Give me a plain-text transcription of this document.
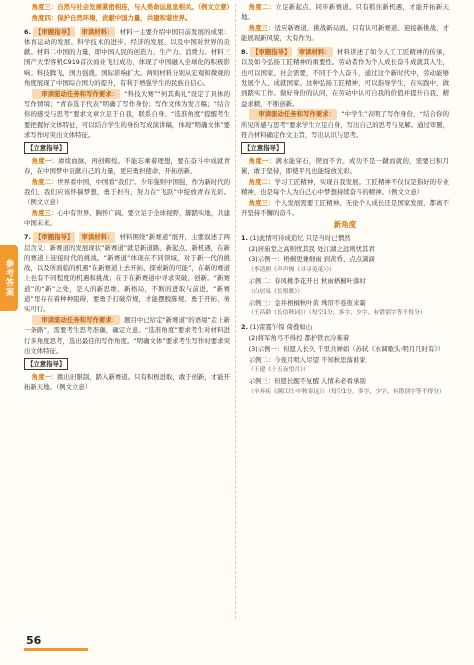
参考答案

角度三：自然与社会发展紧密相连，与人类命运息息相关。（例文立意）

角度四：保护自然环境，贡献中国力量，共建和谐世界。

6. 【审题指导】 审读材料： 材料一主要介绍中国目前发展的成果：体育运动的发展、科学技术的进步、经济的发展、以及中国对世界的贡献。材料二中国的力量，即中国人民的创造力、生产力、消费力。材料三国产大型客机C919首次商业飞行成功，体现了中国融入全球化的积极影响；科技腾飞，国力强盛，国际影响扩大。两则材料分别从宏观和微观的角度展现了中国综合国力的提升，有利于增强学生的民族自信心。

审读驱动任务和写作要求： “科技大赛”“何其典礼”设定了具体的写作情境；“青春选手代表”明确了写作身份；写作文体为发言稿；“结合你的感受与思考”要求文章立足于自我，联系自身。“选准角度”提醒考生要把握好文体特征，可以结合学生的身份写成演讲稿，体现“明确文体”要求写作时突出文体特征。

【立意指导】

角度一：赓续血脉，再创辉煌。不能忘乘着理想，要在奋斗中成就青春，在中国梦中贡献自己的力量，更应勇担使命，开拓创新。

角度二：世界看中国，中国看“我们”。少年强则中国强，作为新时代的我们，我们应该怀揣梦想，勇于担当，努力在“飞跃”中绽放青春光彩。（例文立意）

角度三：心中有世界，胸怀广阔。要立足于全球视野，脚踏实地，共建中国未来。

7. 【审题指导】 审读材料： 材料围绕“新赛道”展开，主要叙述了两层含义：新赛道的发展现状“新赛道”就是新道路、新起点、新机遇，在新的赛道上迎接时代的挑战。“新赛道”体现在不同领域，对于新一代的挑战，以及所面临的机遇“在新赛道上去开拓、探索新的可能”，在新的赛道上也有不同程度的机遇和挑战；在于在新赛道中寻求突破、创新。“新赛道”的“新”之处，是人的新思维、新格局，不断的进取与前进，“新赛道”里存在着种种阻碍，要勇于打破常规，才能摆脱陈规、勇于开拓、务实可行。

审读驱动任务和写作要求： 题目中已给定“新赛道”的语境“走上新一条路”，需要考生思考准确，确定立意。“选准角度”要求考生对材料进行多角度思考，选出最佳的写作角度。“明确文体”要求考生写作时要求突出文体特征。

【立意指导】

角度一：跳出旧限制，踏入新赛道。只有积极进取，敢于创新，才能开拓新天地。（例文立意）

角度二：立足新起点，同步新赛道。只有抓住新机遇，才能开拓新天地。

角度三：适应新赛道，挑战新局面。只有认可新赛道、迎接新挑战，才能展现新风貌，大有作为。

8. 【审题指导】 审读材料： 材料讲述了如今人工工匠精神的传承，以及如今弘扬工匠精神的重要性。劳动者作为个人成长奋斗成就其人生，也可以国家、社会需要，不同于个人奋斗，通过这个新时代中，劳动能够发展个人、成就国家。这种弘扬工匠精神，可以指导学生，在实践中，做到踏实工作。做好身份的认同，在劳动中认可自我的价值并提升自我，精益求精，不断创新。

审读驱动任务和写作要求： “中学生”表明了写作身份，“结合你的所见所感与思考”要求学生立足自身，写出自己的思考与见解。通过审题，符合材料确定作文主旨，写出认识与思考。

【立意指导】

角度一：满水能穿石，锲而不舍。成功不是一蹴而就的，需要日积月累，敢于坚持，即使平凡也能绽放光彩。

角度二：学习工匠精神，实现自我发展。工匠精神不仅仅是指好的专业精神，也是每个人为自己心中梦想持续奋斗的精神。（例文立意）

角度三：个人发展需要工匠精神。无论个人成长还是国家发展，都离不开坚持不懈的奋斗。

新角度

1. (1)此情可待成追忆 只是当时已惘然

(2)居庙堂之高则忧其民 处江湖之远则忧其君

(3)示例一：梧桐更兼细雨 到黄昏、点点滴滴

（李清照《声声慢（寻寻觅觅）》）

示例二：春风桃李花开日 秋雨梧桐叶落时

（白居易《长恨歌》）

示例三：金井梧桐秋叶黄 珠帘不卷夜来霜

（王昌龄《长信秋词》）（每空1分，多字、少字、有错别字等不得分）

2. (1)雷霆乍惊 倚叠如山

(2)将军角弓不得控 都护铁衣冷难着

(3)示例一：但愿人长久 千里共婵娟（苏轼《水调歌头·明月几时有》）

示例二：今夜月明人尽望 不知秋思落谁家

（王建《十五夜望月》）

示例三：但愿长醒不复醒 人情未必看承别

（辛弃疾《满江红·中秋寄远》）（每空1分，多字、少字、有错别字等不得分）

56
